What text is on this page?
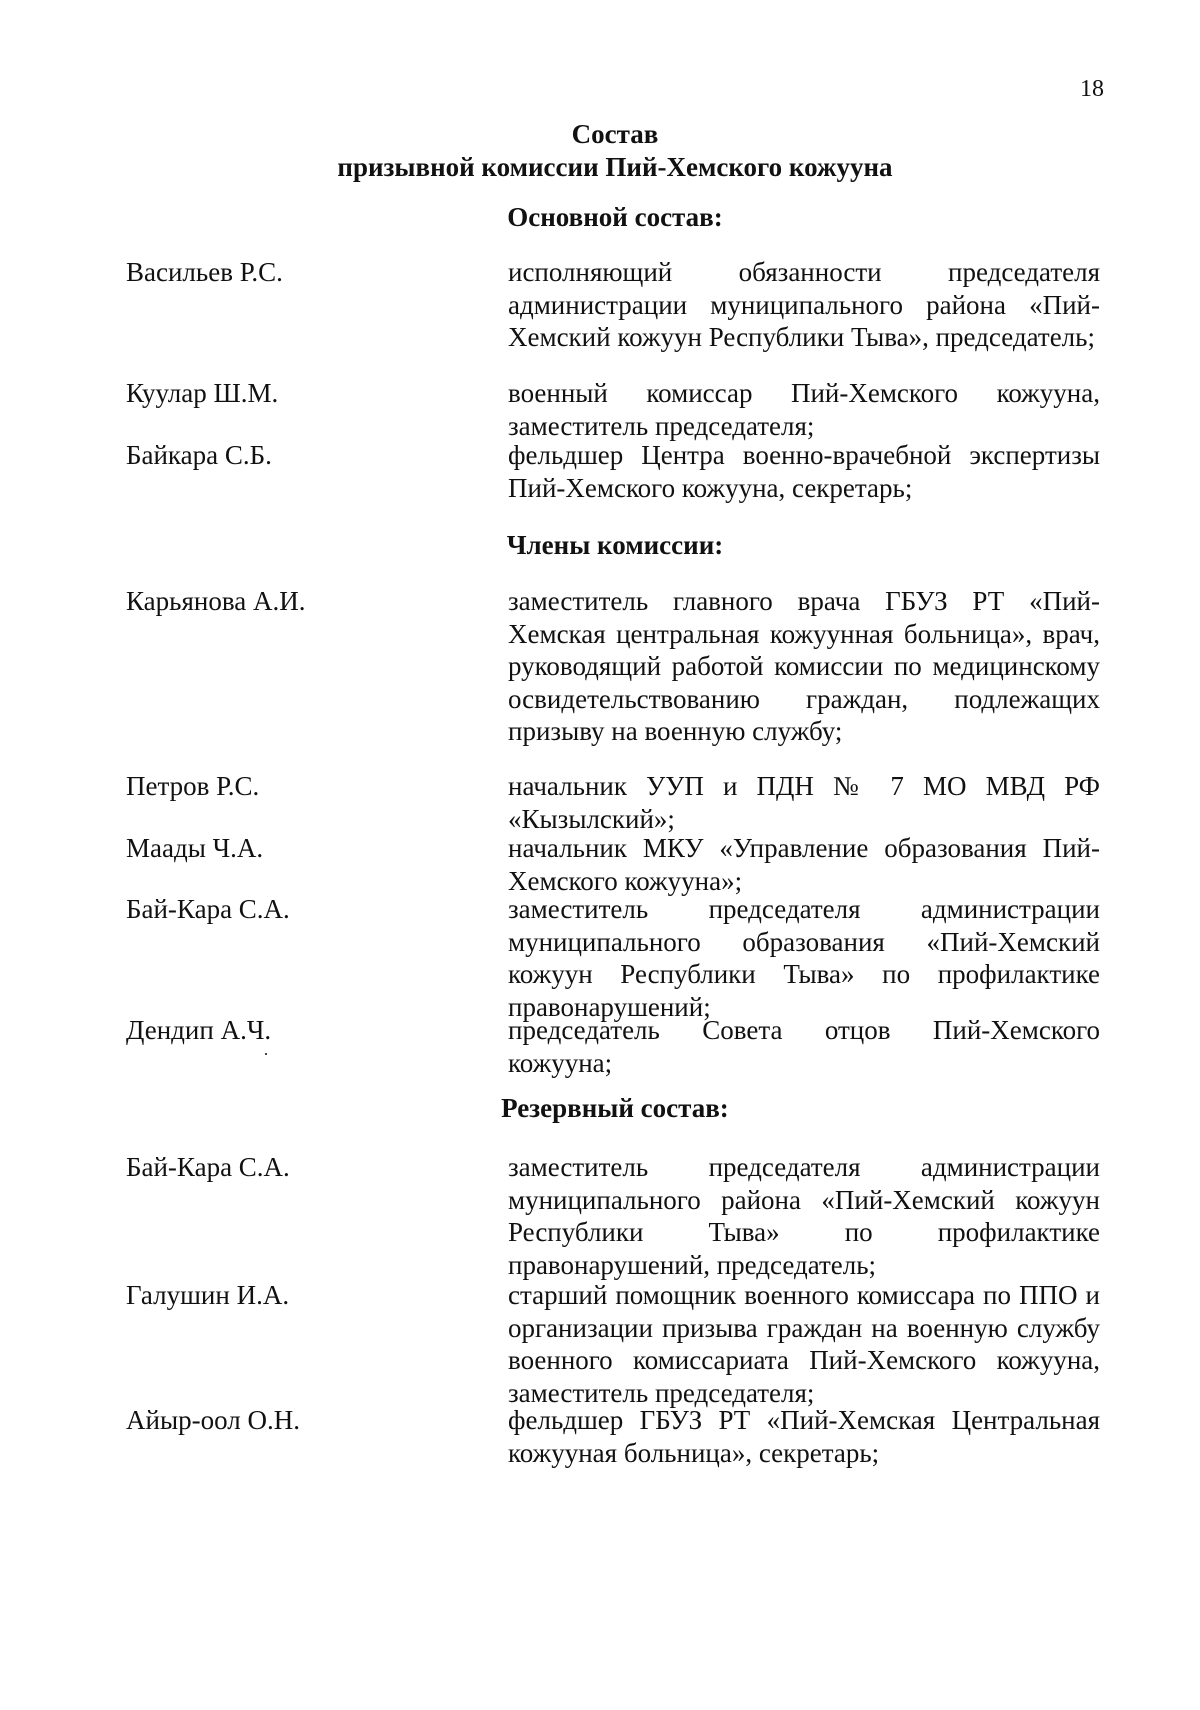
18
Состав
призывной комиссии Пий-Хемского кожууна
Основной состав:
Васильев Р.С.	исполняющий обязанности председателя администрации муниципального района «Пий-Хемский кожуун Республики Тыва», председатель;
Куулар Ш.М.	военный комиссар Пий-Хемского кожууна, заместитель председателя;
Байкара С.Б.	фельдшер Центра военно-врачебной экспертизы Пий-Хемского кожууна, секретарь;
Члены комиссии:
Карьянова А.И.	заместитель главного врача ГБУЗ РТ «Пий-Хемская центральная кожуунная больница», врач, руководящий работой комиссии по медицинскому освидетельствованию граждан, подлежащих призыву на военную службу;
Петров Р.С.	начальник УУП и ПДН № 7 МО МВД РФ «Кызылский»;
Маады Ч.А.	начальник МКУ «Управление образования Пий-Хемского кожууна»;
Бай-Кара С.А.	заместитель председателя администрации муниципального образования «Пий-Хемский кожуун Республики Тыва» по профилактике правонарушений;
Дендип А.Ч.	председатель Совета отцов Пий-Хемского кожууна;
Резервный состав:
Бай-Кара С.А.	заместитель председателя администрации муниципального района «Пий-Хемский кожуун Республики Тыва» по профилактике правонарушений, председатель;
Галушин И.А.	старший помощник военного комиссара по ППО и организации призыва граждан на военную службу военного комиссариата Пий-Хемского кожууна, заместитель председателя;
Айыр-оол О.Н.	фельдшер ГБУЗ РТ «Пий-Хемская Центральная кожууная больница», секретарь;
